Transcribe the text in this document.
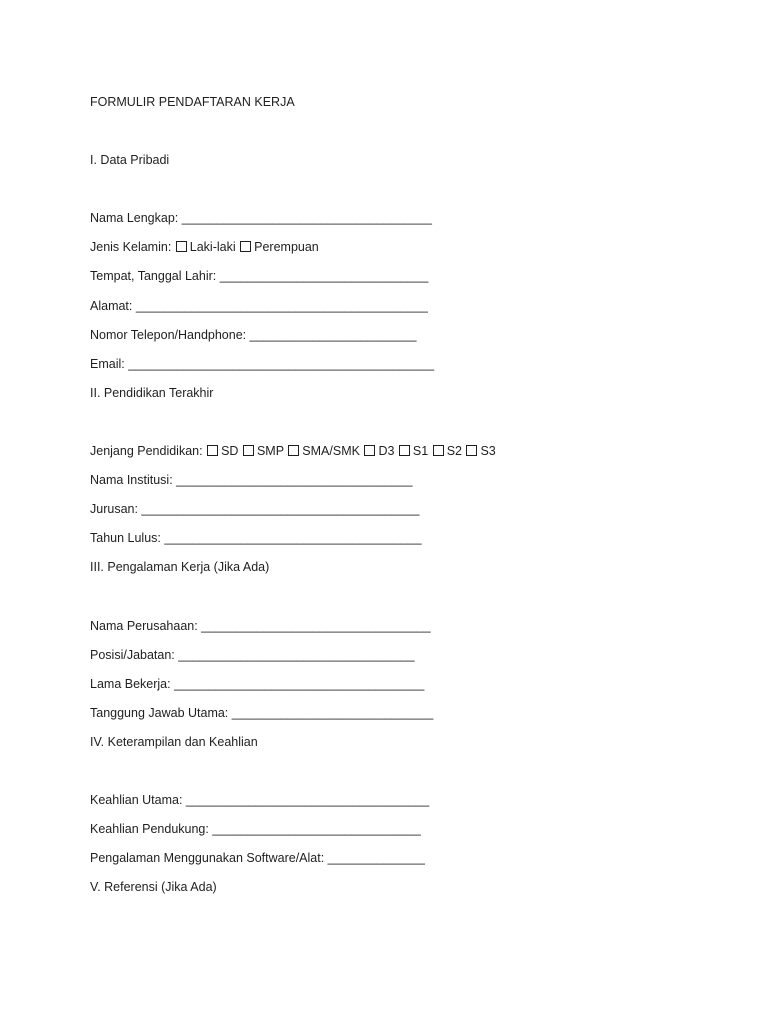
FORMULIR PENDAFTARAN KERJA
I. Data Pribadi
Nama Lengkap: ____________________________________
Jenis Kelamin: Laki-laki Perempuan
Tempat, Tanggal Lahir: ______________________________
Alamat: __________________________________________
Nomor Telepon/Handphone: ________________________
Email: ____________________________________________
II. Pendidikan Terakhir
Jenjang Pendidikan: SD SMP SMA/SMK D3 S1 S2 S3
Nama Institusi: __________________________________
Jurusan: ________________________________________
Tahun Lulus: _____________________________________
III. Pengalaman Kerja (Jika Ada)
Nama Perusahaan: _________________________________
Posisi/Jabatan: __________________________________
Lama Bekerja: ____________________________________
Tanggung Jawab Utama: _____________________________
IV. Keterampilan dan Keahlian
Keahlian Utama: ___________________________________
Keahlian Pendukung: ______________________________
Pengalaman Menggunakan Software/Alat: ______________
V. Referensi (Jika Ada)
